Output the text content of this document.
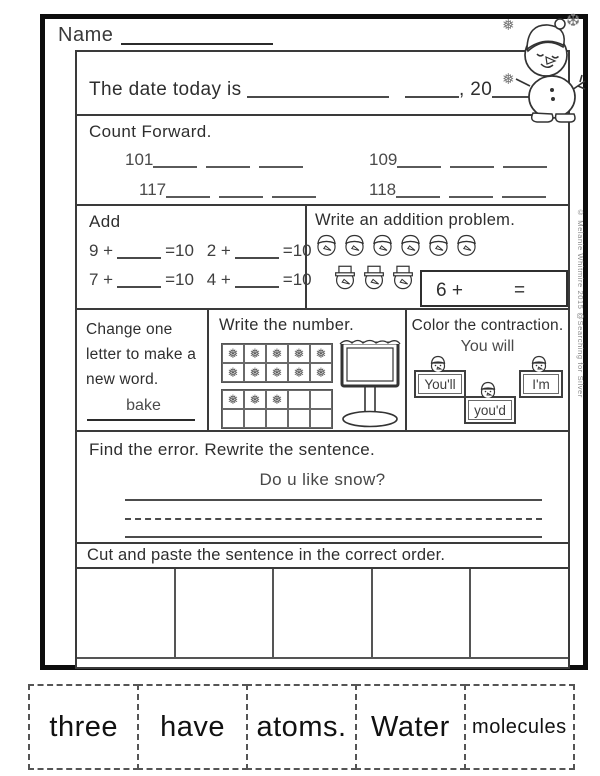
Name	❅	❆
❅
The date today is	, 20
Count Forward.
101	109
117	118
Add
9 +	=10 2 +	=10
7 +	=10 4 +	=10
Write an addition problem.
6 +	=
Change one letter to make a new word.
bake
Write the number.
❅ ❅ ❅ ❅ ❅
❅ ❅ ❅ ❅ ❅
❅ ❅ ❅
Color the contraction.
You will
You'll
you'd
I'm
Find the error. Rewrite the sentence.
Do u like snow?
Cut and paste the sentence in the correct order.
© Melanie Whitmire 2015 @Searching for Silver
three	have	atoms. Water	molecules
